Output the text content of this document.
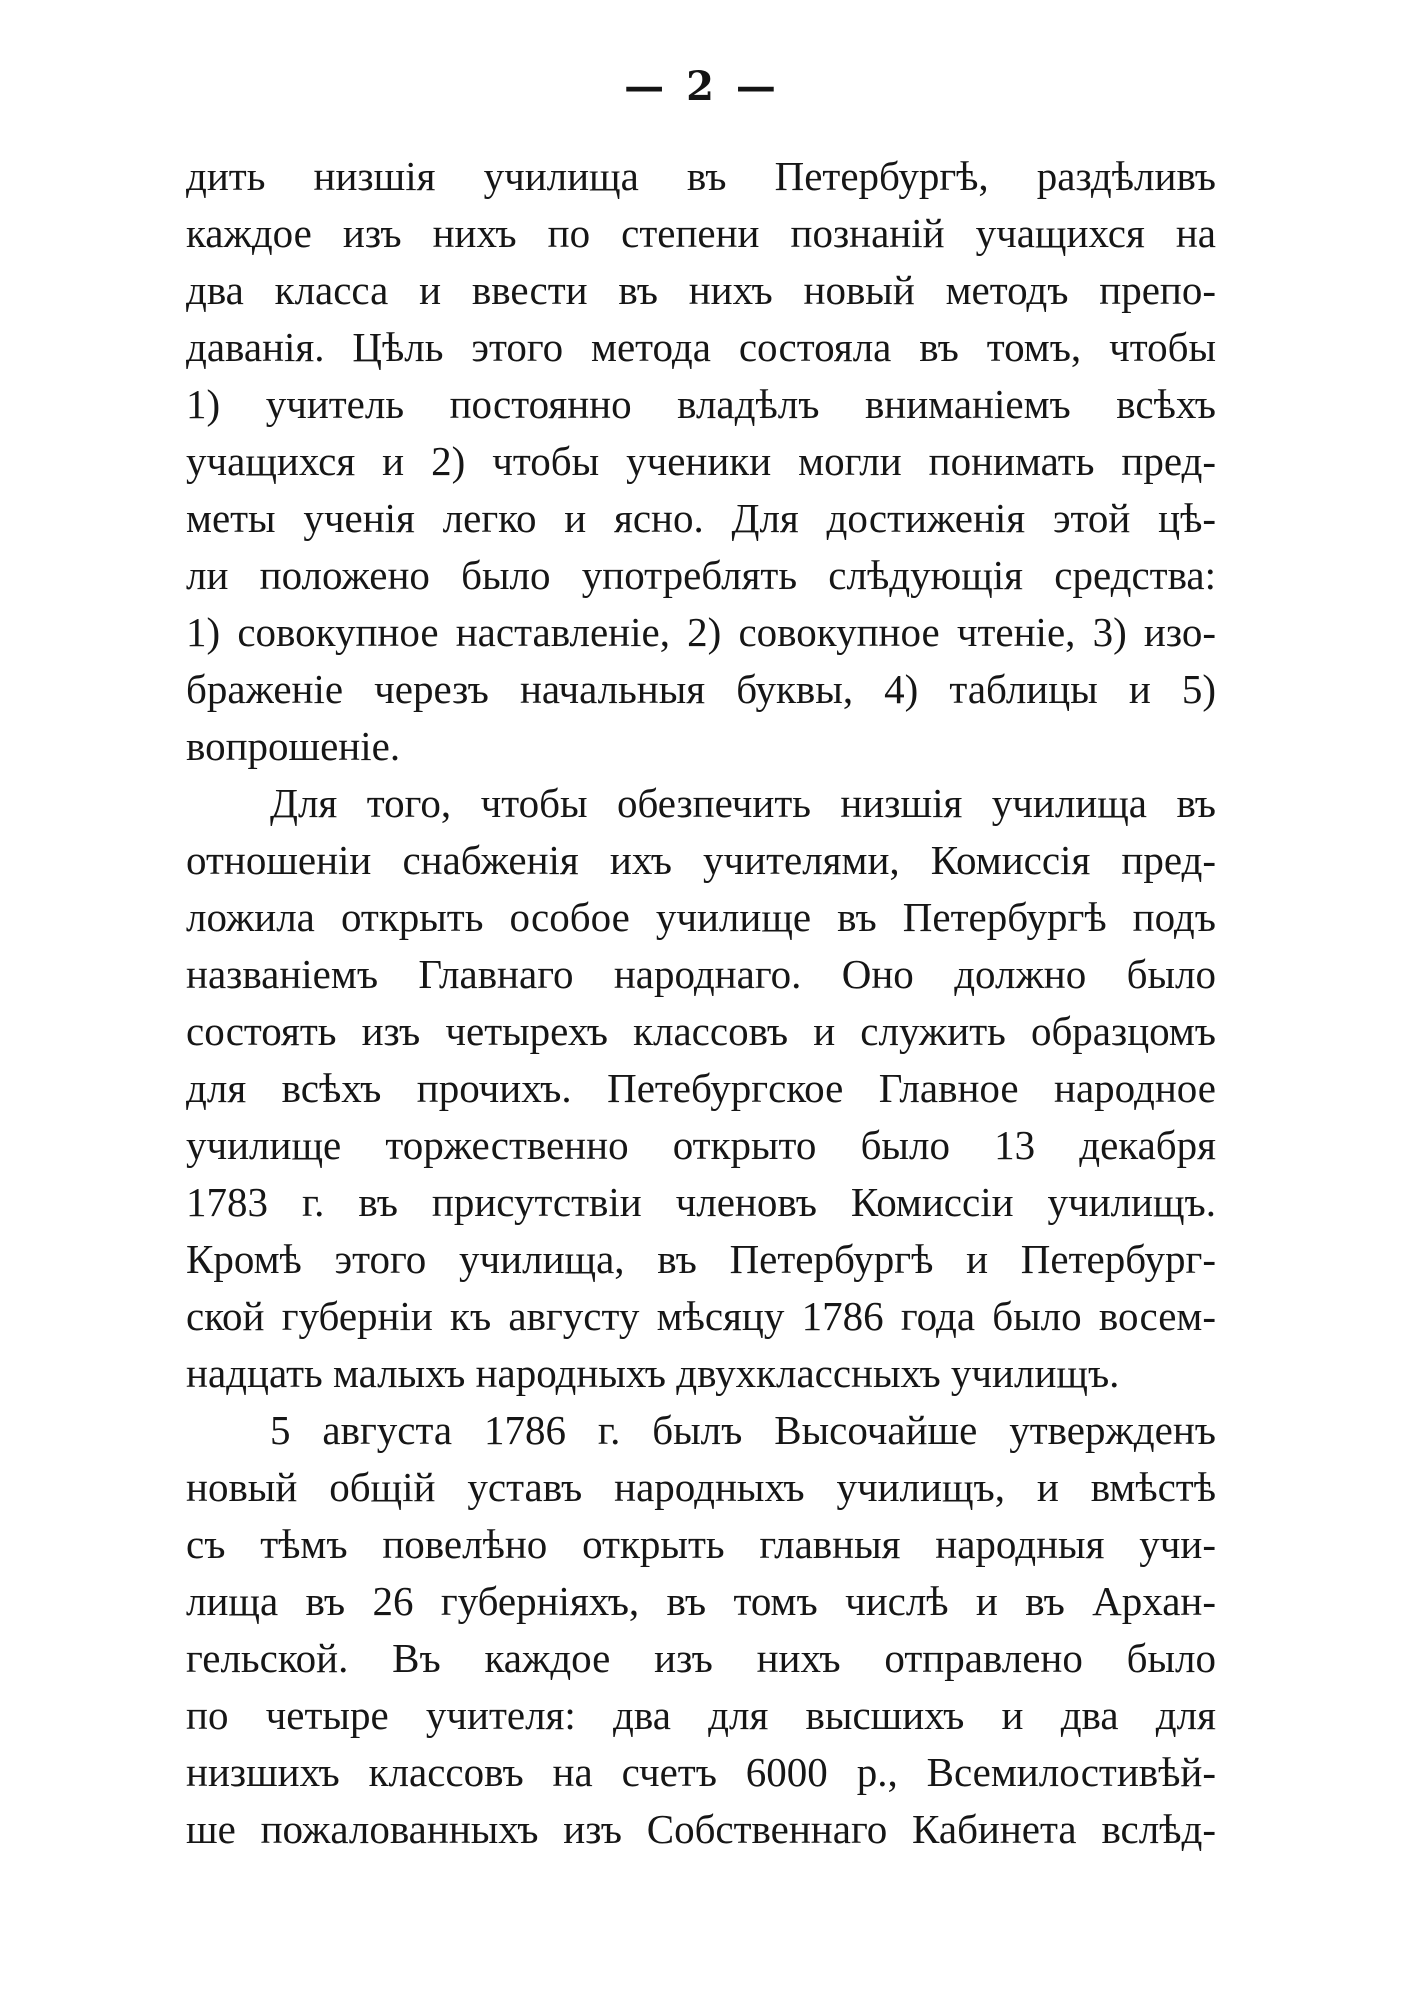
— 2 —
дить низшія училища въ Петербургѣ, раздѣливъ
каждое изъ нихъ по степени познаній учащихся на
два класса и ввести въ нихъ новый методъ препо-
даванія. Цѣль этого метода состояла въ томъ, чтобы
1) учитель постоянно владѣлъ вниманіемъ всѣхъ
учащихся и 2) чтобы ученики могли понимать пред-
меты ученія легко и ясно. Для достиженія этой цѣ-
ли положено было употреблять слѣдующія средства:
1) совокупное наставленіе, 2) совокупное чтеніе, 3) изо-
браженіе черезъ начальныя буквы, 4) таблицы и 5)
вопрошеніе.
Для того, чтобы обезпечить низшія училища въ
отношеніи снабженія ихъ учителями, Комиссія пред-
ложила открыть особое училище въ Петербургѣ подъ
названіемъ Главнаго народнаго. Оно должно было
состоять изъ четырехъ классовъ и служить образцомъ
для всѣхъ прочихъ. Петебургское Главное народное
училище торжественно открыто было 13 декабря
1783 г. въ присутствіи членовъ Комиссіи училищъ.
Кромѣ этого училища, въ Петербургѣ и Петербург-
ской губерніи къ августу мѣсяцу 1786 года было восем-
надцать малыхъ народныхъ двухклассныхъ училищъ.
5 августа 1786 г. былъ Высочайше утвержденъ
новый общій уставъ народныхъ училищъ, и вмѣстѣ
съ тѣмъ повелѣно открыть главныя народныя учи-
лища въ 26 губерніяхъ, въ томъ числѣ и въ Архан-
гельской. Въ каждое изъ нихъ отправлено было
по четыре учителя: два для высшихъ и два для
низшихъ классовъ на счетъ 6000 р., Всемилостивѣй-
ше пожалованныхъ изъ Собственнаго Кабинета вслѣд-
